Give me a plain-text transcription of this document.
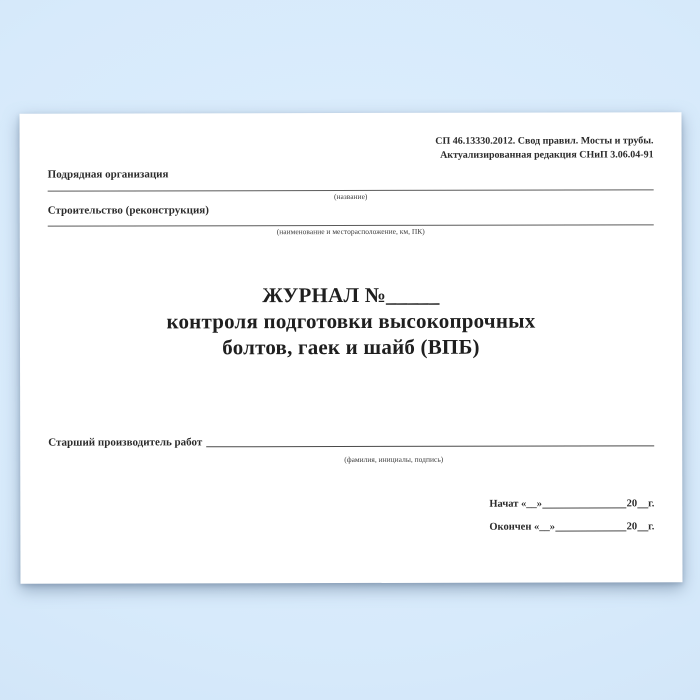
СП 46.13330.2012. Свод правил. Мосты и трубы.
Актуализированная редакция СНиП 3.06.04-91
Подрядная организация
(название)
Строительство (реконструкция)
(наименование и месторасположение, км, ПК)
ЖУРНАЛ №_____
контроля подготовки высокопрочных
болтов, гаек и шайб (ВПБ)
Старший производитель работ
(фамилия, инициалы, подпись)
Начат «__»	20 г.
Окончен «__»	20 г.
